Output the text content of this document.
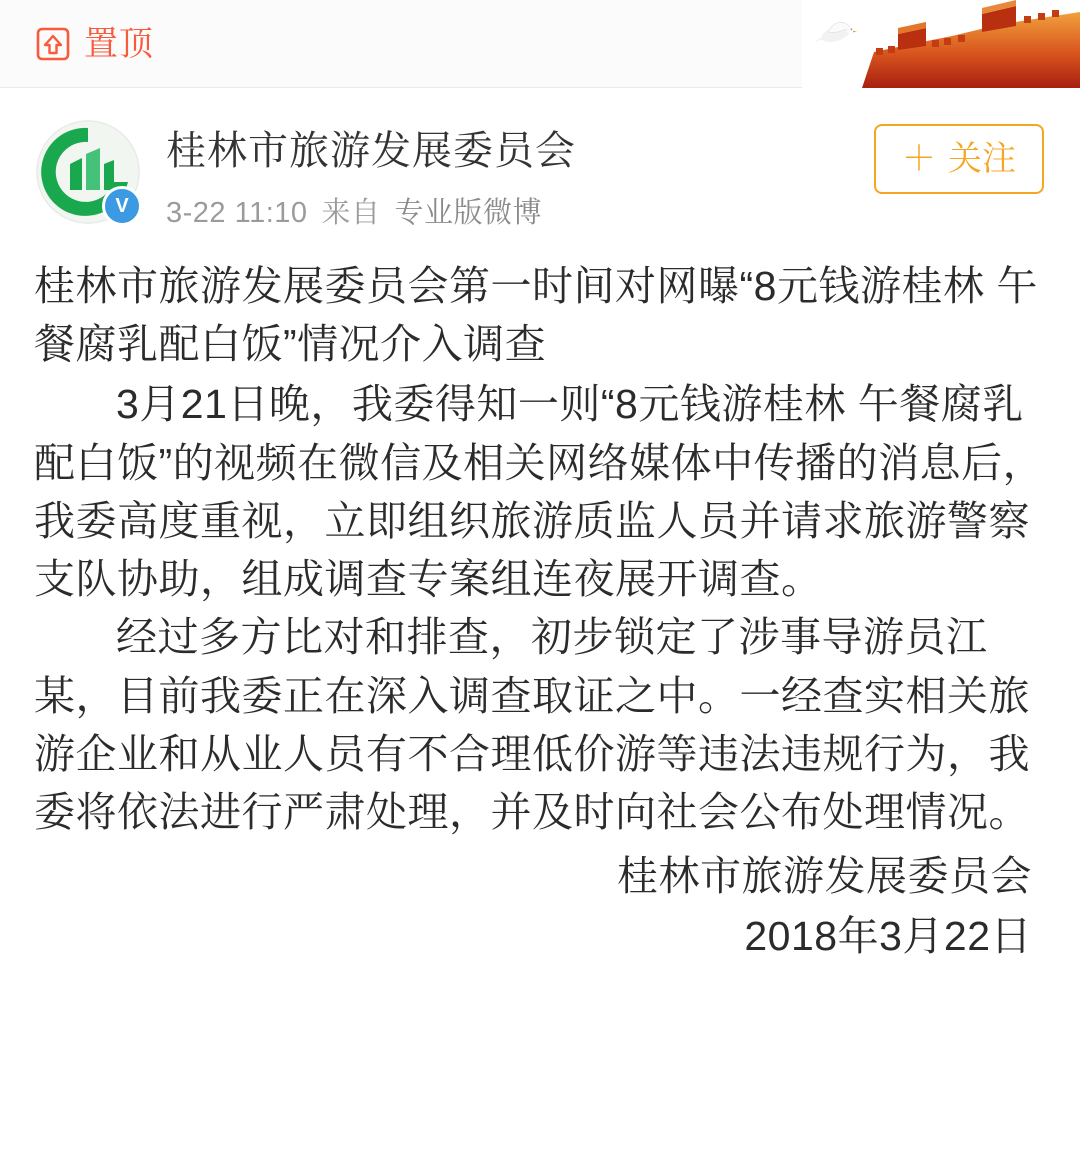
置顶
V
桂林市旅游发展委员会
3-22 11:10 来自 专业版微博
＋ 关注
桂林市旅游发展委员会第一时间对网曝“8元钱游桂林 午餐腐乳配白饭”情况介入调查

3月21日晚，我委得知一则“8元钱游桂林 午餐腐乳配白饭”的视频在微信及相关网络媒体中传播的消息后，我委高度重视，立即组织旅游质监人员并请求旅游警察支队协助，组成调查专案组连夜展开调查。

经过多方比对和排查，初步锁定了涉事导游员江某，目前我委正在深入调查取证之中。一经查实相关旅游企业和从业人员有不合理低价游等违法违规行为，我委将依法进行严肃处理，并及时向社会公布处理情况。

桂林市旅游发展委员会
2018年3月22日
